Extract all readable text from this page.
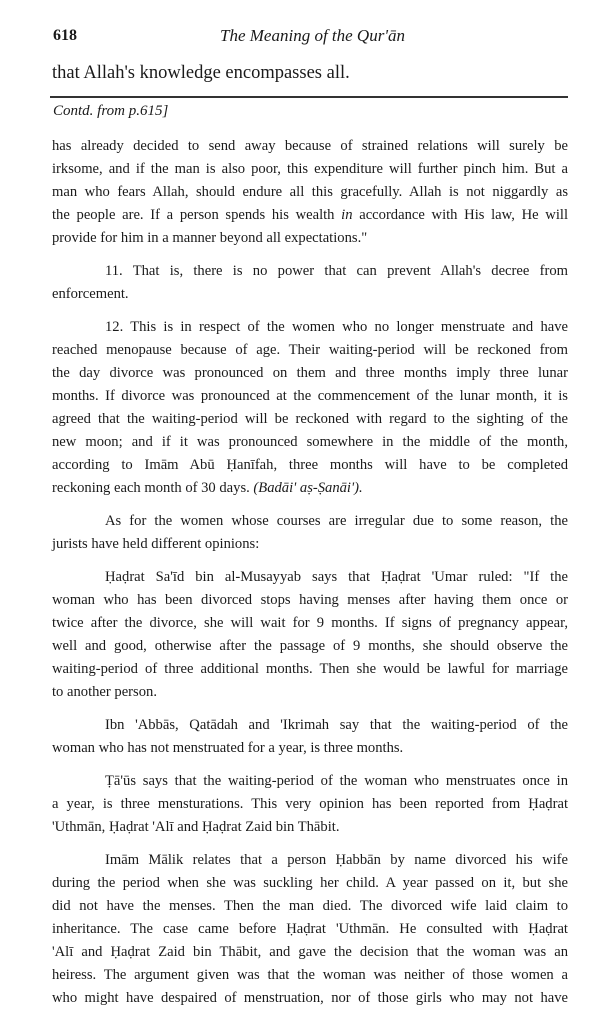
618	The Meaning of the Qur'ān
that Allah's knowledge encompasses all.
Contd. from p.615]
has already decided to send away because of strained relations will surely be
irksome, and if the man is also poor, this expenditure will further pinch him. But a
man who fears Allah, should endure all this gracefully. Allah is not niggardly as
the people are. If a person spends his wealth in accordance with His law, He will
provide for him in a manner beyond all expectations."
11. That is, there is no power that can prevent Allah's decree from
enforcement.
12. This is in respect of the women who no longer menstruate and have
reached menopause because of age. Their waiting-period will be reckoned from
the day divorce was pronounced on them and three months imply three lunar
months. If divorce was pronounced at the commencement of the lunar month, it is
agreed that the waiting-period will be reckoned with regard to the sighting of the
new moon; and if it was pronounced somewhere in the middle of the month,
according to Imām Abū Ḥanīfah, three months will have to be completed
reckoning each month of 30 days. (Badāi' aṣ-Ṣanāi').
As for the women whose courses are irregular due to some reason, the
jurists have held different opinions:
Ḥaḍrat Sa'īd bin al-Musayyab says that Ḥaḍrat 'Umar ruled: "If the
woman who has been divorced stops having menses after having them once or
twice after the divorce, she will wait for 9 months. If signs of pregnancy appear,
well and good, otherwise after the passage of 9 months, she should observe the
waiting-period of three additional months. Then she would be lawful for marriage
to another person.
Ibn 'Abbās, Qatādah and 'Ikrimah say that the waiting-period of the
woman who has not menstruated for a year, is three months.
Ṭā'ūs says that the waiting-period of the woman who menstruates once in
a year, is three mensturations. This very opinion has been reported from Ḥaḍrat
'Uthmān, Ḥaḍrat 'Alī and Ḥaḍrat Zaid bin Thābit.
Imām Mālik relates that a person Ḥabbān by name divorced his wife
during the period when she was suckling her child. A year passed on it, but she
did not have the menses. Then the man died. The divorced wife laid claim to
inheritance. The case came before Ḥaḍrat 'Uthmān. He consulted with Ḥaḍrat
'Alī and Ḥaḍrat Zaid bin Thābit, and gave the decision that the woman was an
heiress. The argument given was that the woman was neither of those women a
who might have despaired of menstruation, nor of those girls who may not have
